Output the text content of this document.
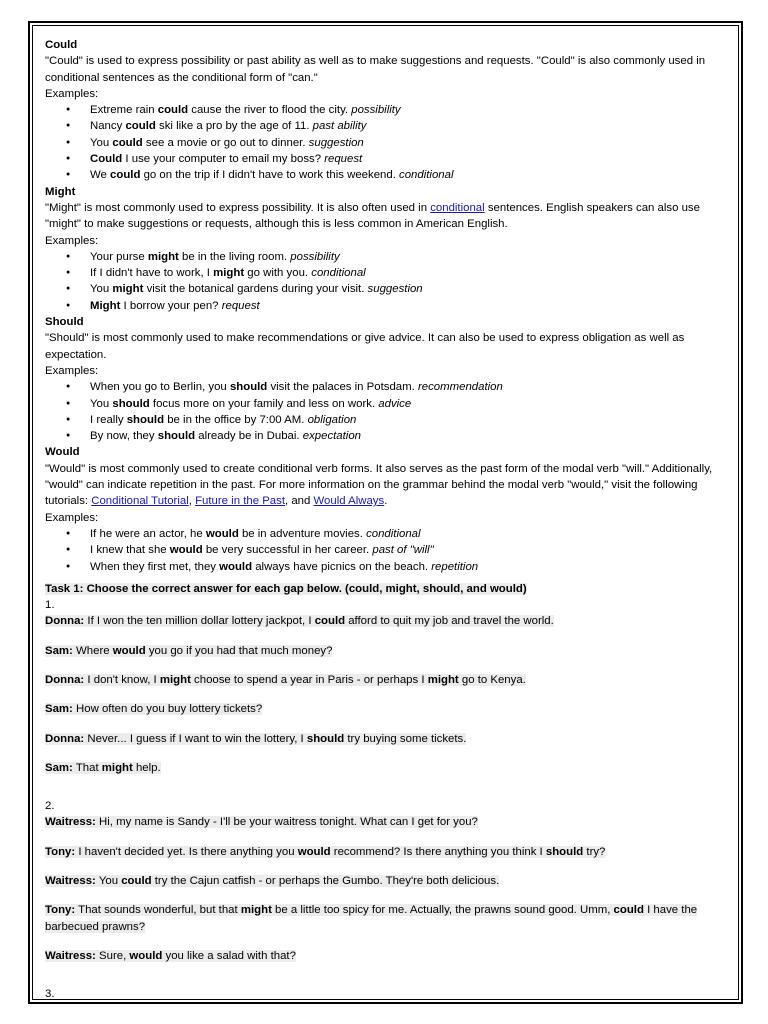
Could

"Could" is used to express possibility or past ability as well as to make suggestions and requests. "Could" is also commonly used in conditional sentences as the conditional form of "can."

Examples:

● Extreme rain could cause the river to flood the city. possibility
● Nancy could ski like a pro by the age of 11. past ability
● You could see a movie or go out to dinner. suggestion
● Could I use your computer to email my boss? request
● We could go on the trip if I didn't have to work this weekend. conditional

Might

"Might" is most commonly used to express possibility. It is also often used in conditional sentences. English speakers can also use "might" to make suggestions or requests, although this is less common in American English.

Examples:

● Your purse might be in the living room. possibility
● If I didn't have to work, I might go with you. conditional
● You might visit the botanical gardens during your visit. suggestion
● Might I borrow your pen? request

Should

"Should" is most commonly used to make recommendations or give advice. It can also be used to express obligation as well as expectation.

Examples:

● When you go to Berlin, you should visit the palaces in Potsdam. recommendation
● You should focus more on your family and less on work. advice
● I really should be in the office by 7:00 AM. obligation
● By now, they should already be in Dubai. expectation

Would

"Would" is most commonly used to create conditional verb forms. It also serves as the past form of the modal verb "will." Additionally, "would" can indicate repetition in the past. For more information on the grammar behind the modal verb "would," visit the following tutorials: Conditional Tutorial, Future in the Past, and Would Always.

Examples:

● If he were an actor, he would be in adventure movies. conditional
● I knew that she would be very successful in her career. past of "will"
● When they first met, they would always have picnics on the beach. repetition

Task 1: Choose the correct answer for each gap below. (could, might, should, and would)

1.

Donna: If I won the ten million dollar lottery jackpot, I could afford to quit my job and travel the world.

Sam: Where would you go if you had that much money?

Donna: I don't know, I might choose to spend a year in Paris - or perhaps I might go to Kenya.

Sam: How often do you buy lottery tickets?

Donna: Never... I guess if I want to win the lottery, I should try buying some tickets.

Sam: That might help.

2.

Waitress: Hi, my name is Sandy - I'll be your waitress tonight. What can I get for you?

Tony: I haven't decided yet. Is there anything you would recommend? Is there anything you think I should try?

Waitress: You could try the Cajun catfish - or perhaps the Gumbo. They're both delicious.

Tony: That sounds wonderful, but that might be a little too spicy for me. Actually, the prawns sound good. Umm, could I have the barbecued prawns?

Waitress: Sure, would you like a salad with that?

3.
